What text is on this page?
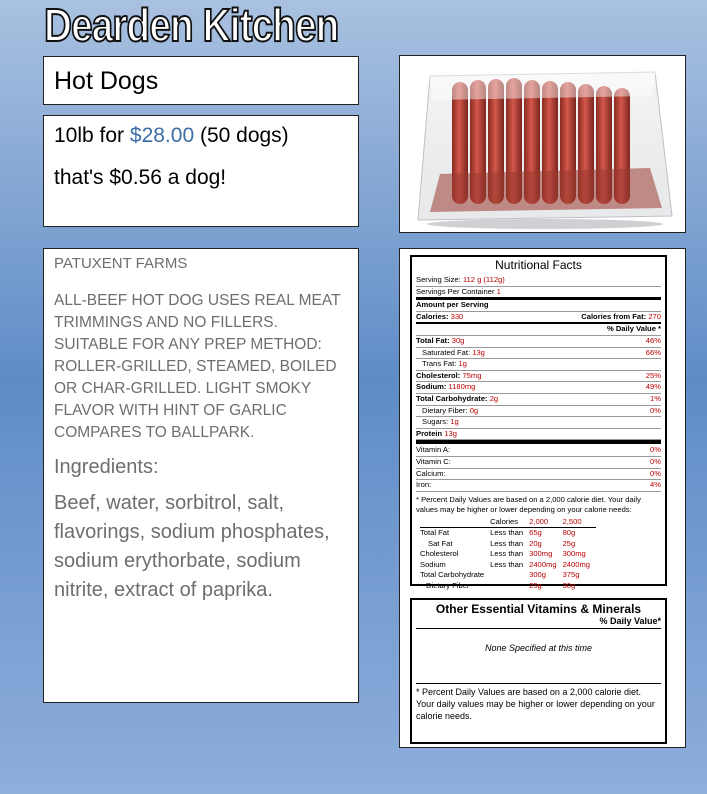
Dearden Kitchen
Hot Dogs

10lb for $28.00 (50 dogs)

that's $0.56 a dog!

PATUXENT FARMS

ALL-BEEF HOT DOG USES REAL MEAT TRIMMINGS AND NO FILLERS. SUITABLE FOR ANY PREP METHOD: ROLLER-GRILLED, STEAMED, BOILED OR CHAR-GRILLED. LIGHT SMOKY FLAVOR WITH HINT OF GARLIC COMPARES TO BALLPARK.

Ingredients:

Beef, water, sorbitrol, salt, flavorings, sodium phosphates, sodium erythorbate, sodium nitrite, extract of paprika.

Nutritional Facts
Serving Size: 112 g (112g)
Servings Per Container 1
Amount per Serving
Calories: 330	Calories from Fat: 270
% Daily Value *
Total Fat: 30g	46%
Saturated Fat: 13g	66%
Trans Fat: 1g
Cholesterol: 75mg	25%
Sodium: 1180mg	49%
Total Carbohydrate: 2g	1%
Dietary Fiber: 0g	0%
Sugars: 1g
Protein 13g
Vitamin A:	0%
Vitamin C:	0%
Calcium:	0%
Iron:	4%
* Percent Daily Values are based on a 2,000 calorie diet. Your daily values may be higher or lower depending on your calorie needs:
	Calories	2,000	2,500
Total Fat	Less than	65g	80g
Sat Fat	Less than	20g	25g
Cholesterol	Less than	300mg	300mg
Sodium	Less than	2400mg	2400mg
Total Carbohydrate		300g	375g
Dietary Fiber		25g	30g
Other Essential Vitamins & Minerals
% Daily Value*
None Specified at this time
* Percent Daily Values are based on a 2,000 calorie diet. Your daily values may be higher or lower depending on your calorie needs.
